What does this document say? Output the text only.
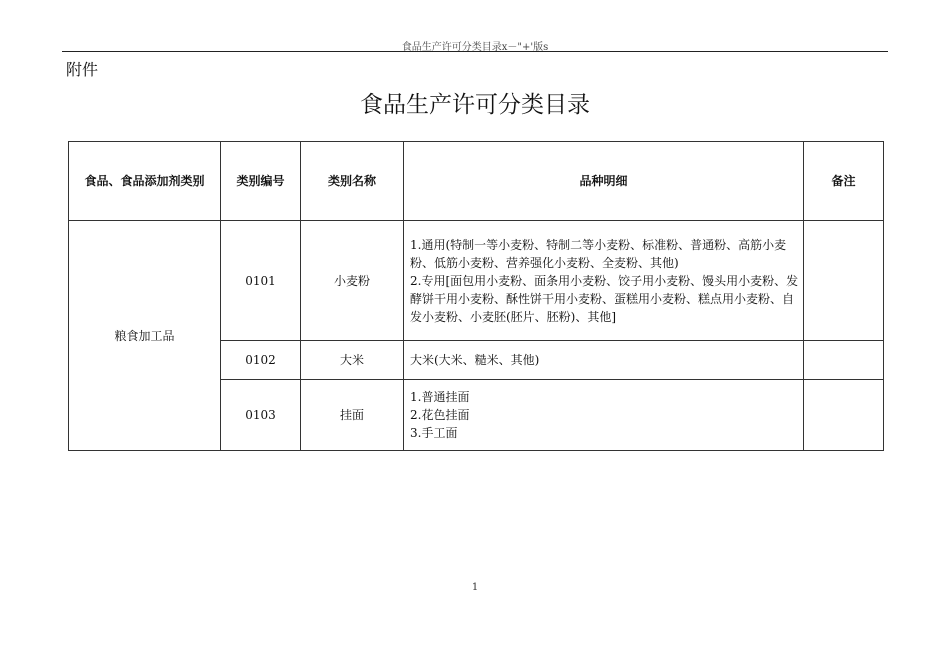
食品生产许可分类目录x－"+'版s
附件
食品生产许可分类目录
食品、食品添加剂类别	类别编号	类别名称	品种明细	备注
粮食加工品	0101	小麦粉	1.通用(特制一等小麦粉、特制二等小麦粉、标准粉、普通粉、高筋小麦粉、低筋小麦粉、营养强化小麦粉、全麦粉、其他)
2.专用[面包用小麦粉、面条用小麦粉、饺子用小麦粉、馒头用小麦粉、发酵饼干用小麦粉、酥性饼干用小麦粉、蛋糕用小麦粉、糕点用小麦粉、自发小麦粉、小麦胚(胚片、胚粉)、其他]	

	0102	大米	大米(大米、糙米、其他)	

	0103	挂面	1.普通挂面
2.花色挂面
3.手工面	

1
